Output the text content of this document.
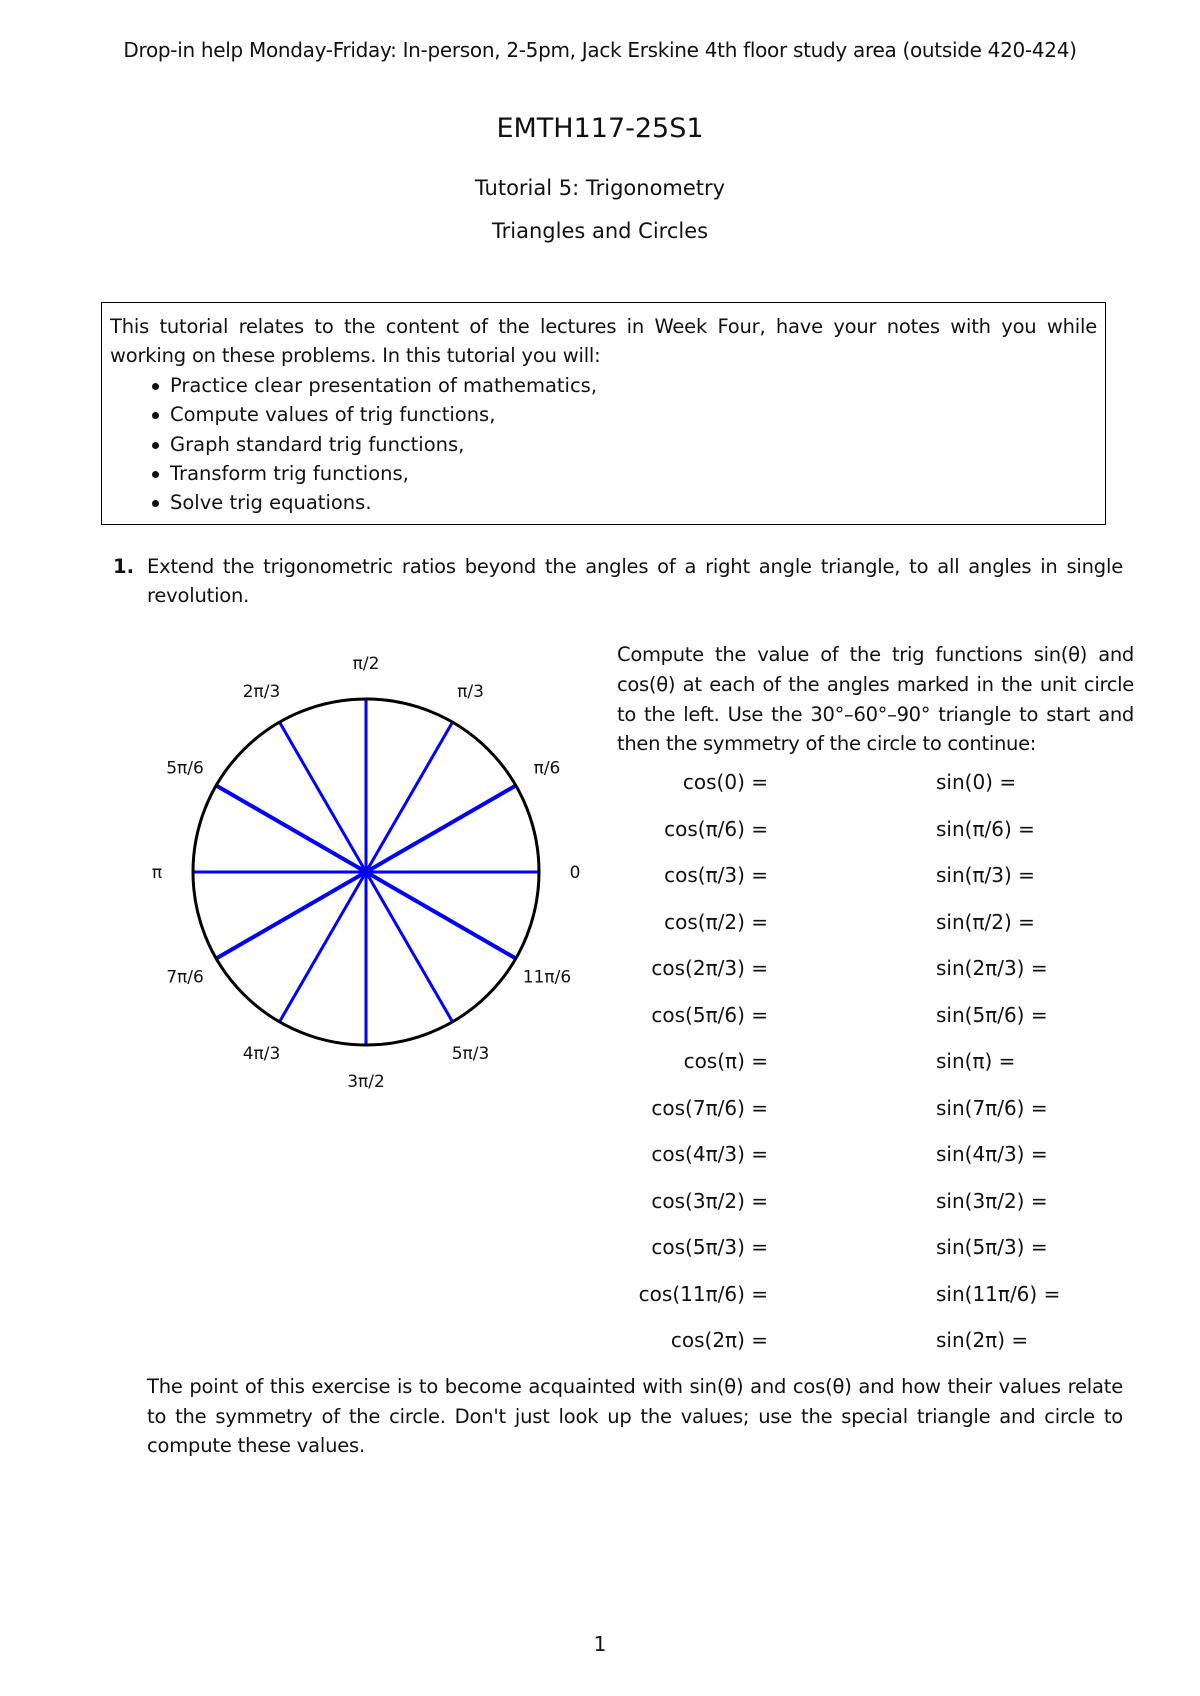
Drop-in help Monday-Friday: In-person, 2-5pm, Jack Erskine 4th floor study area (outside 420-424)
EMTH117-25S1
Tutorial 5: Trigonometry
Triangles and Circles
This tutorial relates to the content of the lectures in Week Four, have your notes with you while working on these problems. In this tutorial you will:
Practice clear presentation of mathematics,
Compute values of trig functions,
Graph standard trig functions,
Transform trig functions,
Solve trig equations.
1. Extend the trigonometric ratios beyond the angles of a right angle triangle, to all angles in single revolution.
0
π/6
π/3
π/2
2π/3
5π/6
π
7π/6
4π/3
3π/2
5π/3
11π/6
Compute the value of the trig functions sin(θ) and
cos(θ) at each of the angles marked in the unit circle
to the left. Use the 30°–60°–90° triangle to start and
then the symmetry of the circle to continue:
cos(0) =	sin(0) =
cos(π/6) =	sin(π/6) =
cos(π/3) =	sin(π/3) =
cos(π/2) =	sin(π/2) =
cos(2π/3) =	sin(2π/3) =
cos(5π/6) =	sin(5π/6) =
cos(π) =	sin(π) =
cos(7π/6) =	sin(7π/6) =
cos(4π/3) =	sin(4π/3) =
cos(3π/2) =	sin(3π/2) =
cos(5π/3) =	sin(5π/3) =
cos(11π/6) =	sin(11π/6) =
cos(2π) =	sin(2π) =
The point of this exercise is to become acquainted with sin(θ) and cos(θ) and how their values relate to the symmetry of the circle. Don't just look up the values; use the special triangle and circle to compute these values.
1
